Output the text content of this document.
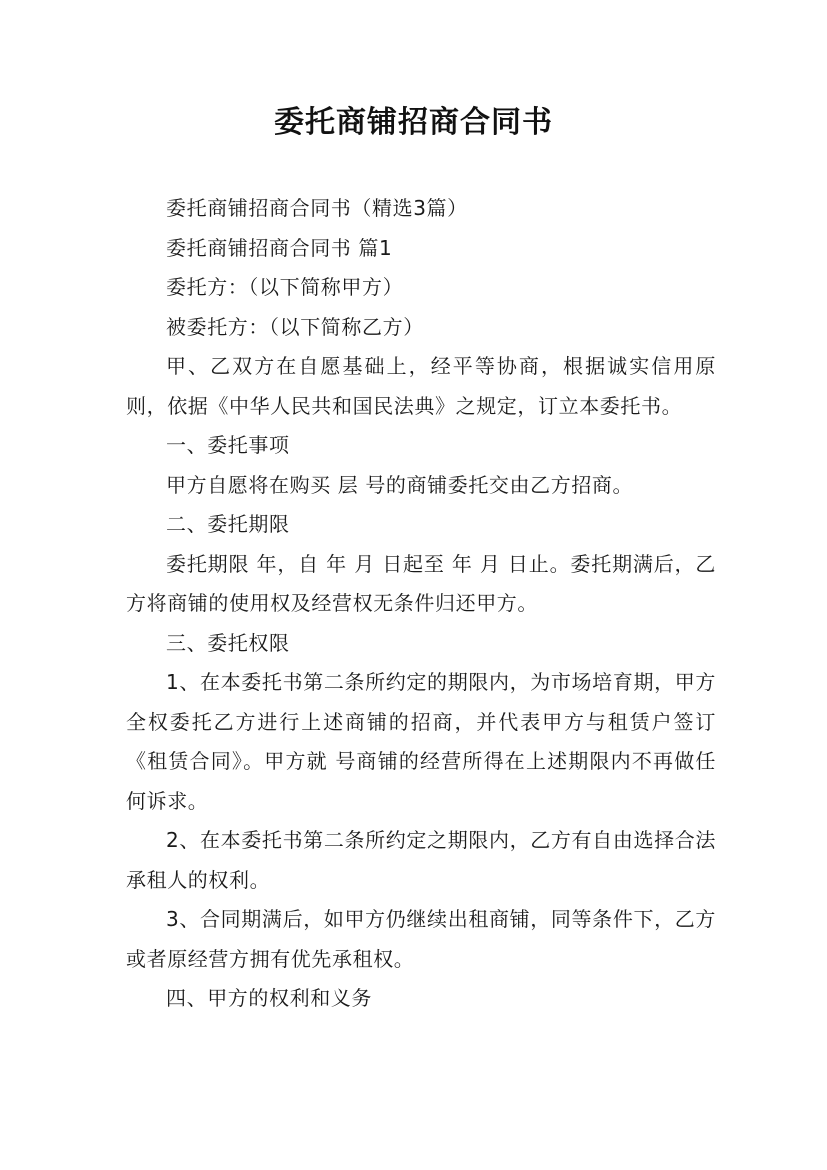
委托商铺招商合同书

委托商铺招商合同书（精选3篇）

委托商铺招商合同书 篇1

委托方：（以下简称甲方）

被委托方：（以下简称乙方）

甲、乙双方在自愿基础上，经平等协商，根据诚实信用原则，依据《中华人民共和国民法典》之规定，订立本委托书。

一、委托事项

甲方自愿将在购买 层 号的商铺委托交由乙方招商。

二、委托期限

委托期限 年，自 年 月 日起至 年 月 日止。委托期满后，乙方将商铺的使用权及经营权无条件归还甲方。

三、委托权限

1、在本委托书第二条所约定的期限内，为市场培育期，甲方全权委托乙方进行上述商铺的招商，并代表甲方与租赁户签订《租赁合同》。甲方就 号商铺的经营所得在上述期限内不再做任何诉求。

2、在本委托书第二条所约定之期限内，乙方有自由选择合法承租人的权利。

3、合同期满后，如甲方仍继续出租商铺，同等条件下，乙方或者原经营方拥有优先承租权。

四、甲方的权利和义务
